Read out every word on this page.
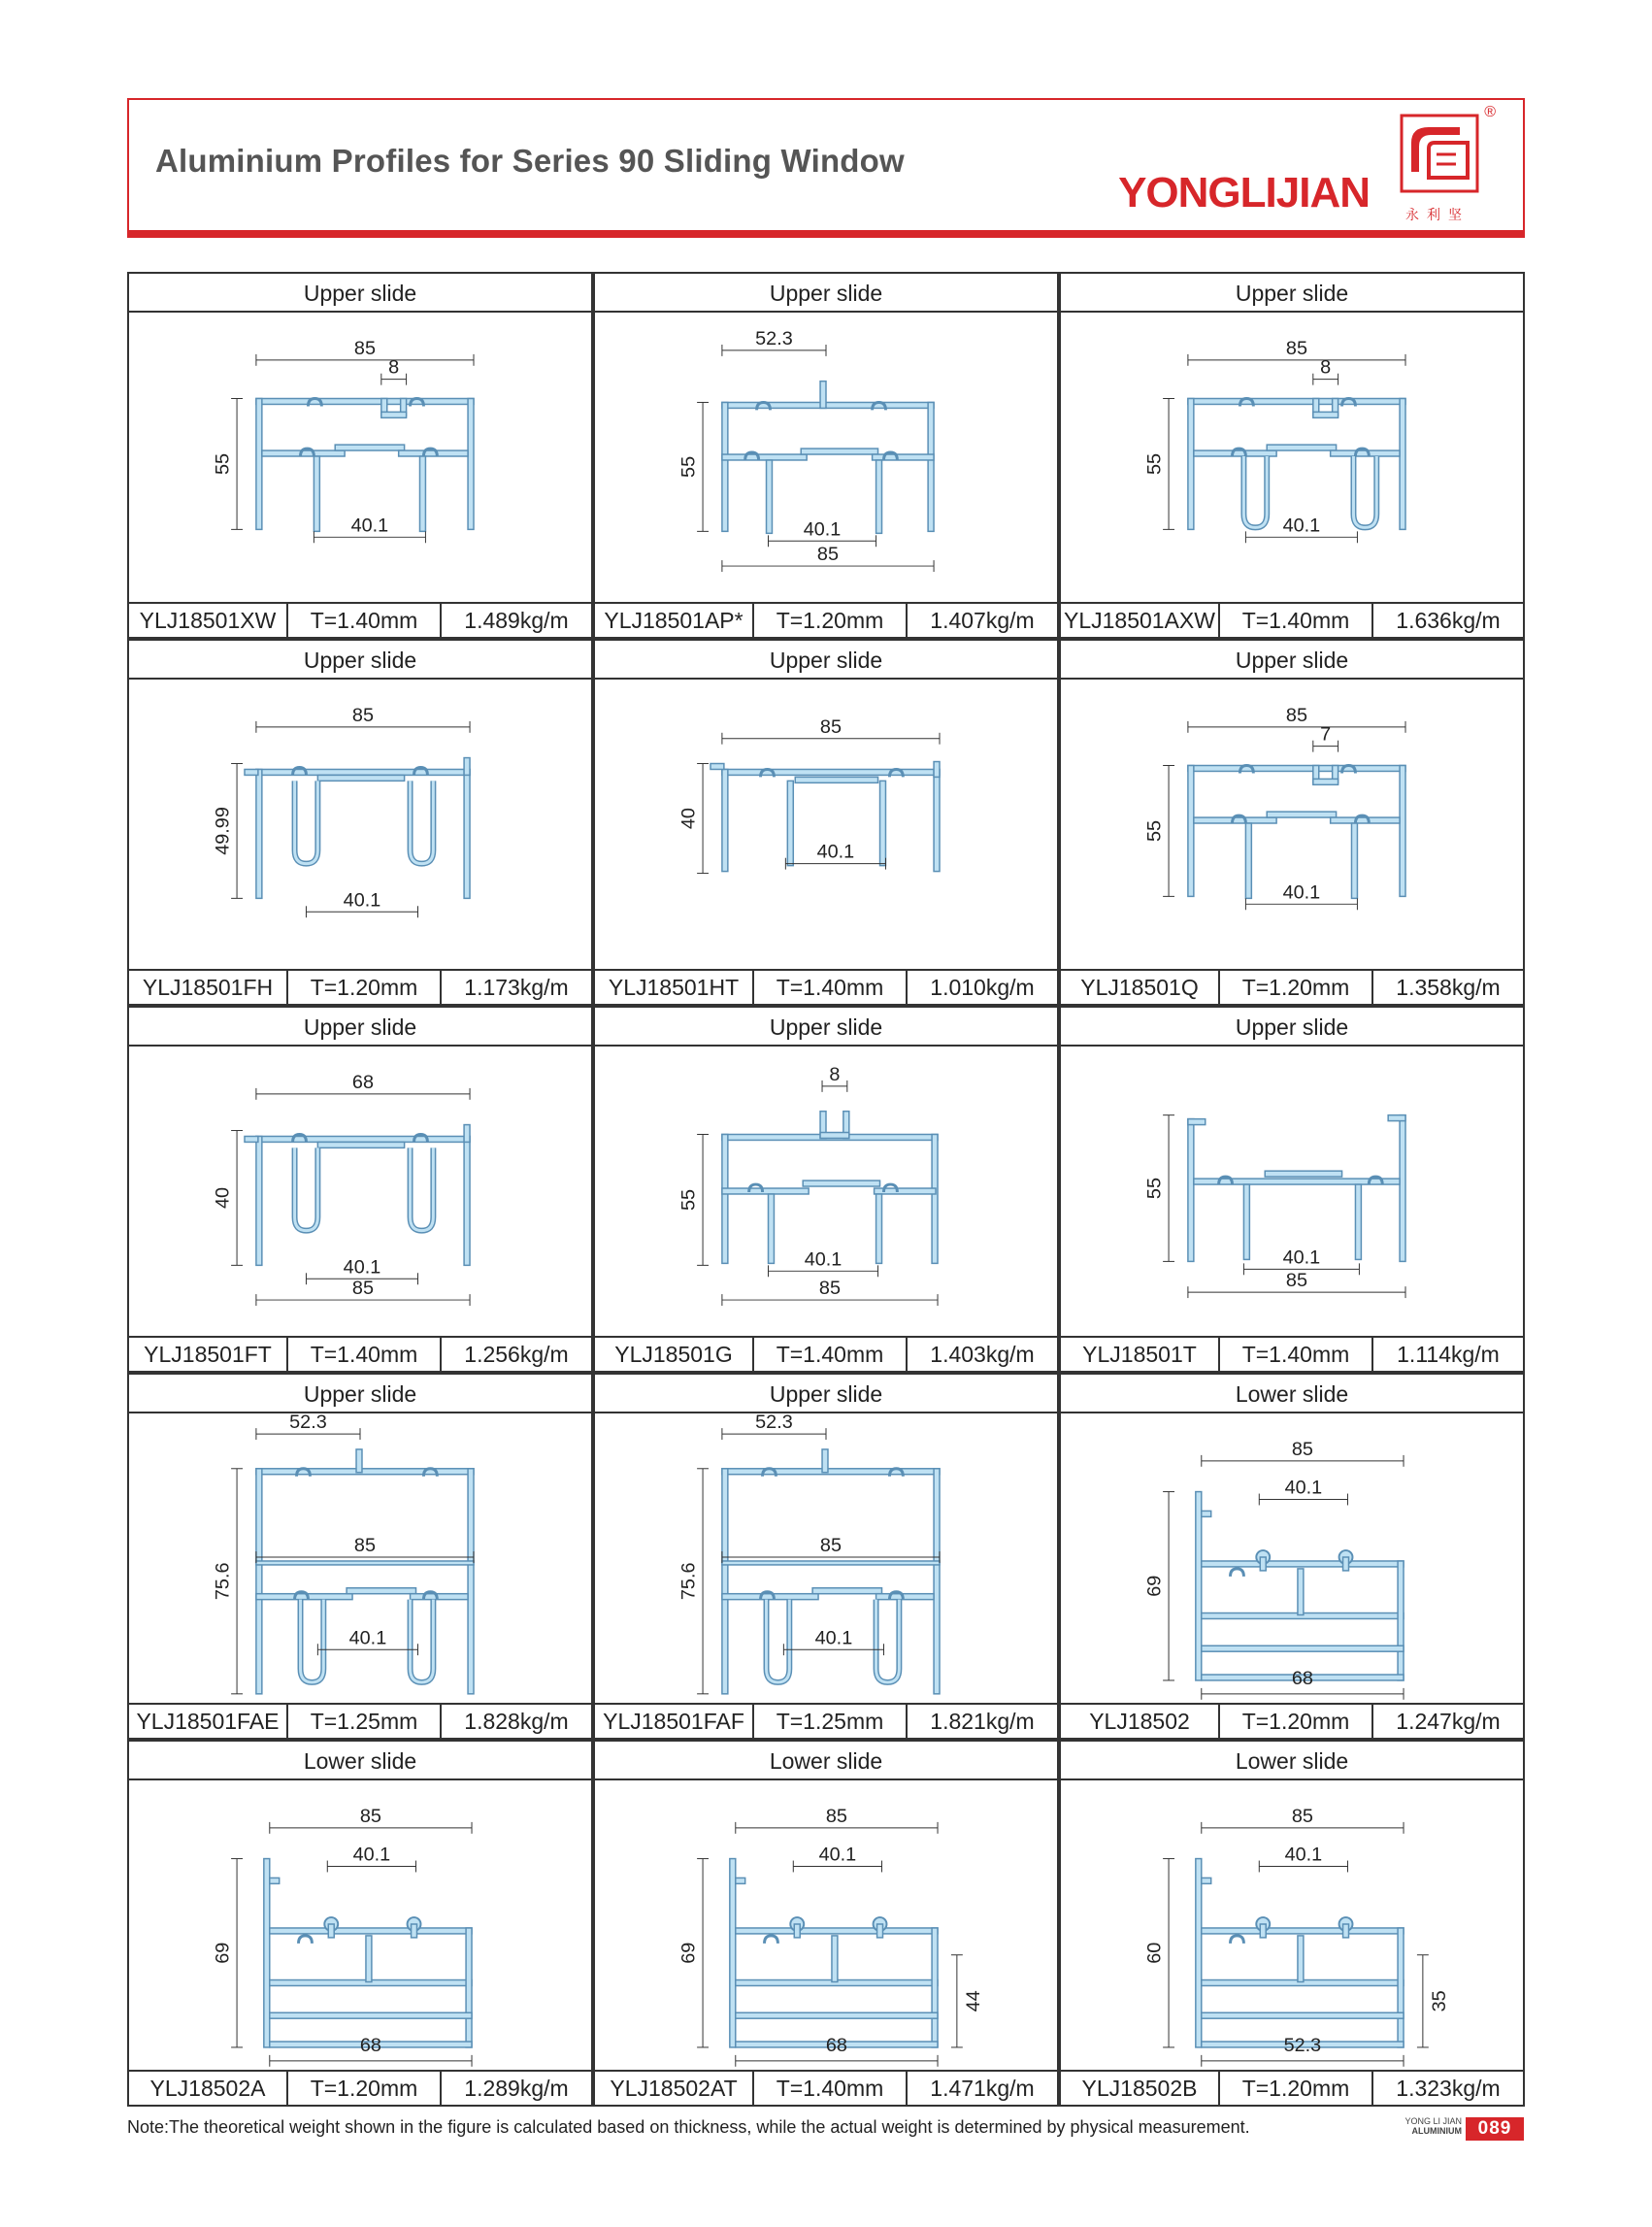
Aluminium Profiles for Series 90 Sliding Window
YONGLIJIAN	永利坚
®
Upper slide
85
8
55
40.1
YLJ18501XW	T=1.40mm	1.489kg/m
Upper slide
52.3
55
40.1
85
YLJ18501AP*	T=1.20mm	1.407kg/m
Upper slide
85
8
55
40.1
YLJ18501AXW	T=1.40mm	1.636kg/m
Upper slide
85
49.99
40.1
YLJ18501FH	T=1.20mm	1.173kg/m
Upper slide
85
40
40.1
YLJ18501HT	T=1.40mm	1.010kg/m
Upper slide
85
7
55
40.1
YLJ18501Q	T=1.20mm	1.358kg/m
Upper slide
68
40
40.1
85
YLJ18501FT	T=1.40mm	1.256kg/m
Upper slide
8
55
40.1
85
YLJ18501G	T=1.40mm	1.403kg/m
Upper slide
55
40.1
85
YLJ18501T	T=1.40mm	1.114kg/m
Upper slide
52.3
85
75.6
40.1
YLJ18501FAE	T=1.25mm	1.828kg/m
Upper slide
52.3
85
75.6
40.1
YLJ18501FAF	T=1.25mm	1.821kg/m
Lower slide
85
40.1
69
68
YLJ18502	T=1.20mm	1.247kg/m
Lower slide
85
40.1
69
68
YLJ18502A	T=1.20mm	1.289kg/m
Lower slide
85
40.1
69
68
44
YLJ18502AT	T=1.40mm	1.471kg/m
Lower slide
85
40.1
60
52.3
35
YLJ18502B	T=1.20mm	1.323kg/m
Note:The theoretical weight shown in the figure is calculated based on thickness, while the actual weight is determined by physical measurement.	YONG LI JIAN
ALUMINIUM 089
